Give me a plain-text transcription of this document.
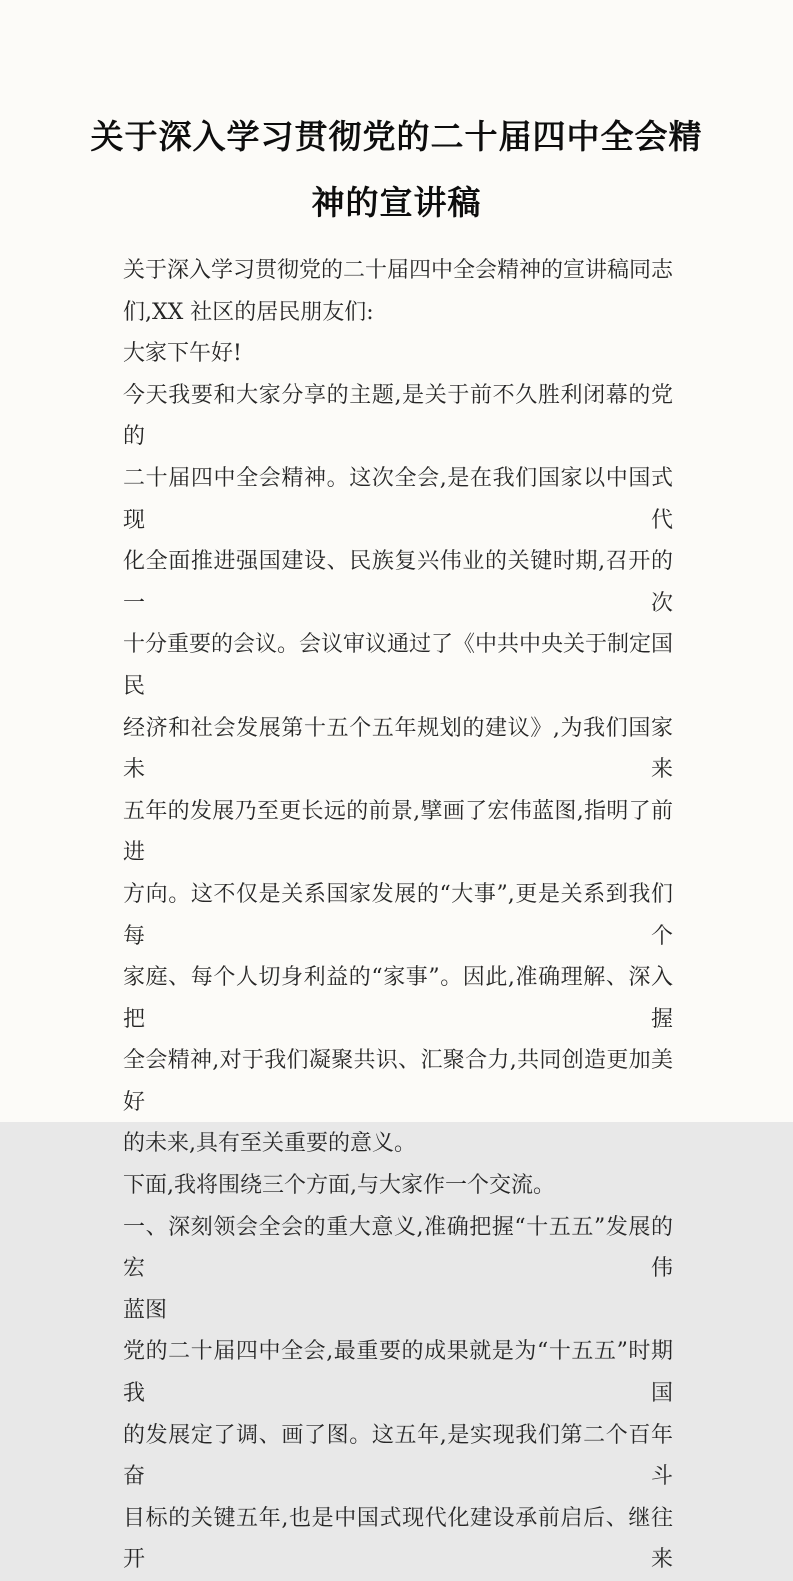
关于深入学习贯彻党的二十届四中全会精
神的宣讲稿
关于深入学习贯彻党的二十届四中全会精神的宣讲稿同志
们,XX 社区的居民朋友们:
大家下午好!
今天我要和大家分享的主题,是关于前不久胜利闭幕的党的
二十届四中全会精神。这次全会,是在我们国家以中国式现代
化全面推进强国建设、民族复兴伟业的关键时期,召开的一次
十分重要的会议。会议审议通过了《中共中央关于制定国民
经济和社会发展第十五个五年规划的建议》,为我们国家未来
五年的发展乃至更长远的前景,擘画了宏伟蓝图,指明了前进
方向。这不仅是关系国家发展的“大事”,更是关系到我们每个
家庭、每个人切身利益的“家事”。因此,准确理解、深入把握
全会精神,对于我们凝聚共识、汇聚合力,共同创造更加美好
的未来,具有至关重要的意义。
下面,我将围绕三个方面,与大家作一个交流。
一、深刻领会全会的重大意义,准确把握“十五五”发展的宏伟
蓝图
党的二十届四中全会,最重要的成果就是为“十五五”时期我国
的发展定了调、画了图。这五年,是实现我们第二个百年奋斗
目标的关键五年,也是中国式现代化建设承前启后、继往开来
